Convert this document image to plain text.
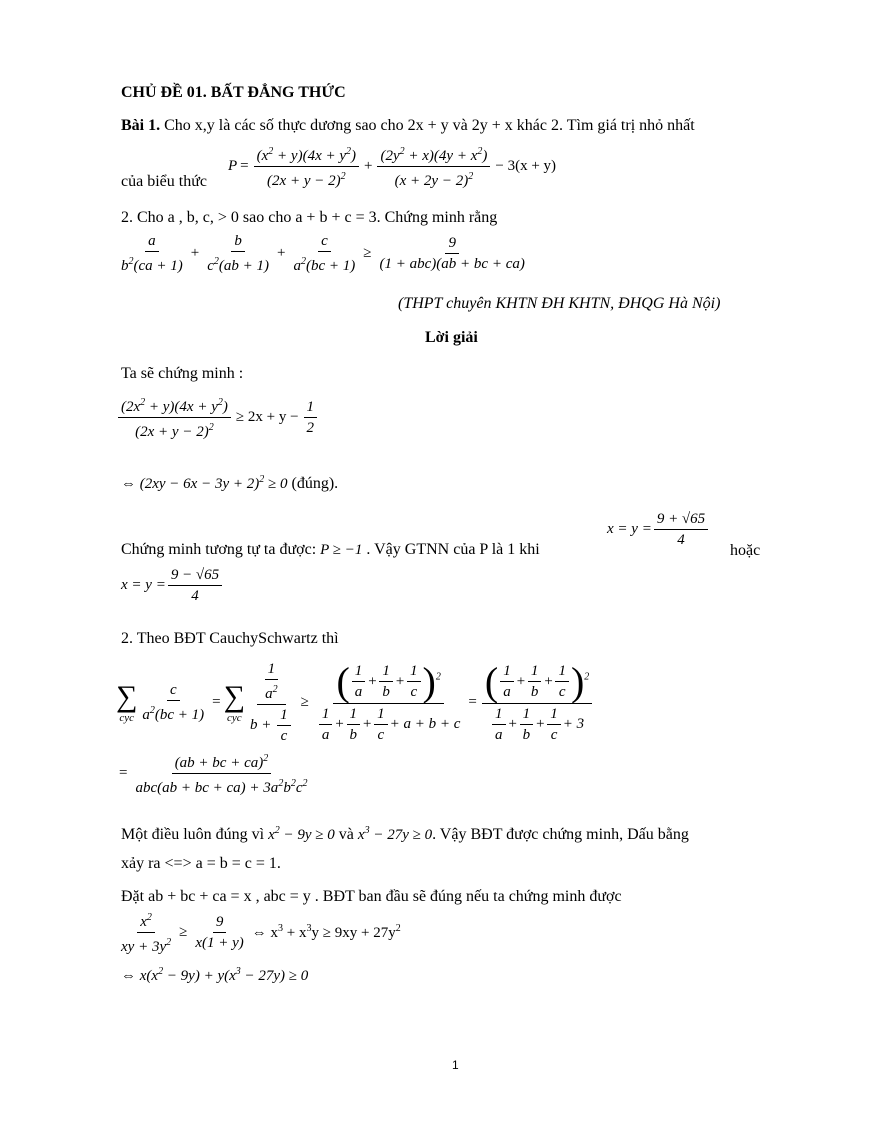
CHỦ ĐỀ 01. BẤT ĐẲNG THỨC
Bài 1. Cho x,y là các số thực dương sao cho 2x + y và 2y + x khác 2. Tìm giá trị nhỏ nhất
của biểu thức
$P = \frac{(x^2 + y)(4x + y^2)}{(2x + y - 2)^2} + \frac{(2y^2 + x)(4y + x^2)}{(x + 2y - 2)^2} - 3(x + y)$
2. Cho a , b, c, > 0 sao cho a + b + c = 3. Chứng minh rằng
$\frac{a}{b^2(ca + 1)} + \frac{b}{c^2(ab + 1)} + \frac{c}{a^2(bc + 1)} \ge \frac{9}{\text{(1 + abc)(ab + bc + ca)}}$
(THPT chuyên KHTN ĐH KHTN, ĐHQG Hà Nội)
Lời giải
Ta sẽ chứng minh :
$\frac{(2x^2 + y)(4x + y^2)}{(2x + y - 2)^2} \ge 2x + y - \frac{1}{2}$
⇔ $(2xy - 6x - 3y + 2)^2 \ge 0$ (đúng).
$x = y = \frac{9 + √65}{4}$
hoặc
Chứng minh tương tự ta được: P ≥ −1 . Vậy GTNN của P là 1 khi
$x = y = \frac{9 - √65}{4}$
2. Theo BĐT CauchySchwartz thì
∑
cyc $\frac{c}{a^2(bc + 1)}$ = ∑
cyc $\frac{\frac{1}{a^2}}{b + \frac{1}{c}} \ge \frac{( \frac{1}{a} + \frac{1}{b} + \frac{1}{c} )^2}{\frac{1}{a} + \frac{1}{b} + \frac{1}{c} + a + b + c} = \frac{( \frac{1}{a} + \frac{1}{b} + \frac{1}{c} )^2}{\frac{1}{a} + \frac{1}{b} + \frac{1}{c} + 3}$
= $\frac{(ab + bc + ca)^2}{abc(ab + bc + ca) + 3a^2b^2c^2}$
Một điều luôn đúng vì $x^2 - 9y \ge 0$ và $x^3 - 27y \ge 0$. Vậy BĐT được chứng minh, Dấu bằng
xảy ra <=> a = b = c = 1.
Đặt ab + bc + ca = x , abc = y . BĐT ban đầu sẽ đúng nếu ta chứng minh được
$\frac{x^2}{xy + 3y^2} \ge \frac{9}{x(1 + y)}$ ⇔ $x^3 + x^3y \ge 9xy + 27y^2$
⇔ $x(x^2 - 9y) + y(x^3 - 27y) \ge 0$
1
